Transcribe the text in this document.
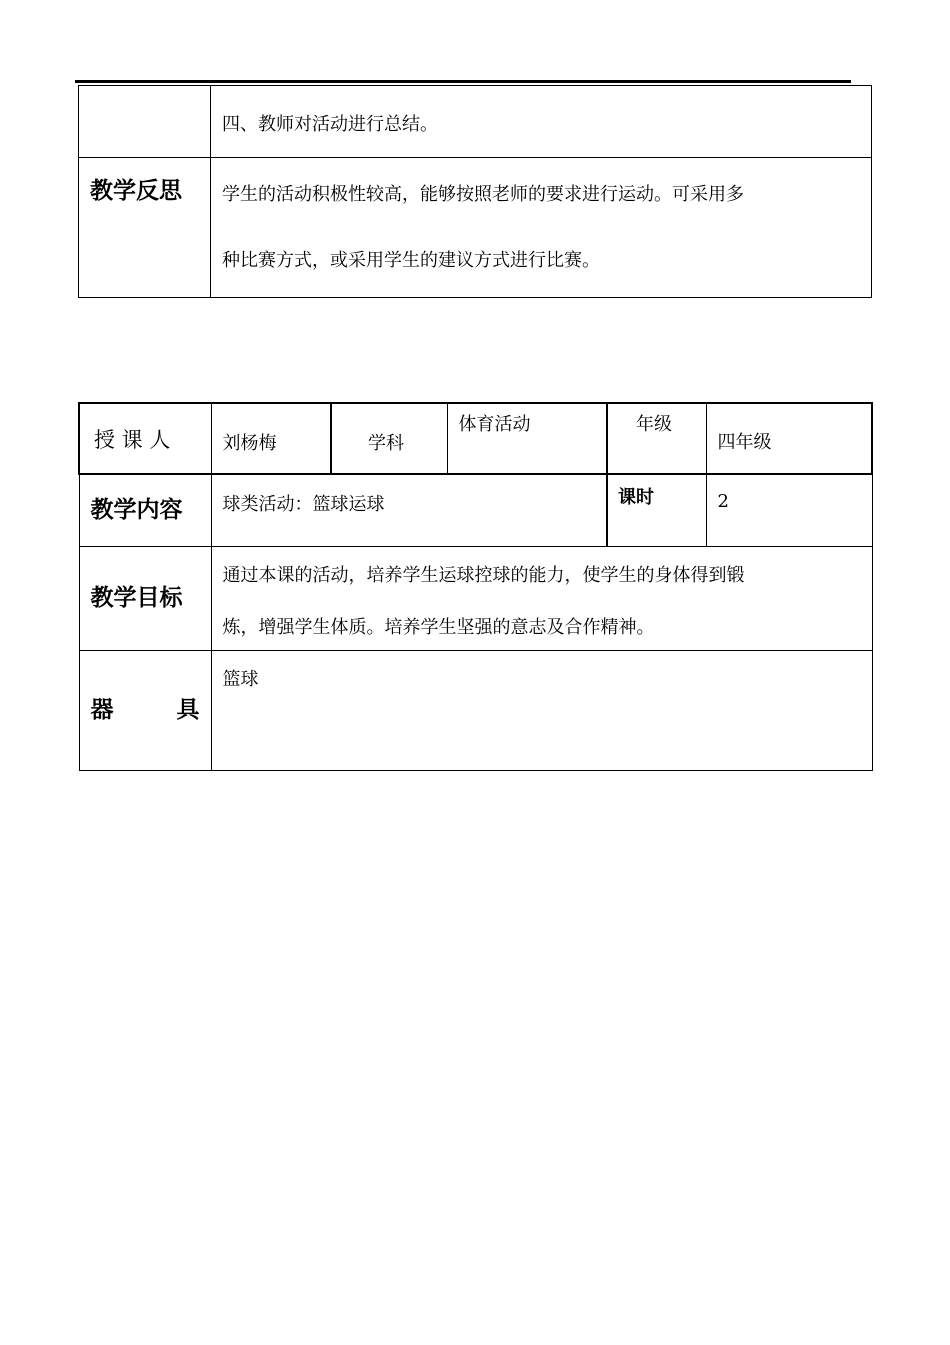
	四、教师对活动进行总结。

教学反思	学生的活动积极性较高，能够按照老师的要求进行运动。可采用多
种比赛方式，或采用学生的建议方式进行比赛。
授 课 人	刘杨梅	学科	体育活动	年级	四年级

教学内容	球类活动：篮球运球			课时	2

教学目标	通过本课的活动，培养学生运球控球的能力，使学生的身体得到锻
炼，增强学生体质。培养学生坚强的意志及合作精神。				

器 具	篮球				
